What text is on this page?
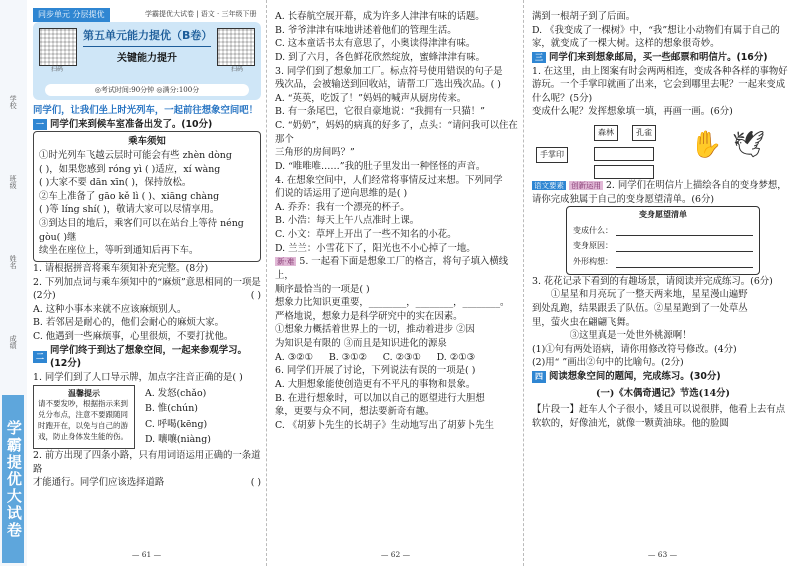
学校
班级
姓名
成绩
学霸提优大试卷
同步单元 分层提优	学霸提优大试卷 | 语文 · 三年级下册
扫码
第五单元能力提优（B卷）
关键能力提升
扫码
◎考试时间:90分钟 ◎满分:100分
同学们，让我们坐上时光列车，一起前往想象空间吧！
一 同学们来到候车室准备出发了。(10分)
乘车须知
①时光列车飞越云层时可能会有些 zhèn dòng
( )，如果您感到 róng yì ( )适应，xí wàng
( )大家不要 dān xīn( )，保持放松。
②车上准备了 gāo kě lì ( )、xiāng chàng
( )等 líng shí( )，敬请大家可以尽情享用。
③到达目的地后，乘客们可以在站台上等待 néng gòu( )继
续坐在座位上，等听到通知后再下车。
1. 请根据拼音将乘车须知补充完整。(8分)
2. 下列加点词与乘车须知中的“麻烦”意思相同的一项是
(2分)	( )
A. 这种小事本来就不应该麻烦别人。
B. 若邻居是耐心的，他们会耐心的麻烦大家。
C. 他遇到一些麻烦事，心里很烦，不要打扰他。
二
同学们终于到达了想象空间，一起来参观学习。(12分)
1. 同学们到了人口导示牌，加点字注音正确的是( )
温馨提示
请不要发吵，根据指示来到兑分布点，注意不要跟随同时跑开在，以免与自己的游戏，防止身体发生能的伤。
A. 发怒(chǎo)
B. 惟(chún)
C. 呼喝(kēng)
D. 嚷嚷(niàng)
2. 前方出现了四条小路，只有用词语运用正确的一条道路
才能通行。同学们应该选择道路	( )
— 61 —
A. 长春航空展开幕，成为许多人津津有味的话题。
B. 爷爷津津有味地讲述着他们的管理生活。
C. 这本童话书太有意思了，小奥读得津津有味。
D. 到了六月，各色鲜花欣然绽放，蜜蜂津津有味。
3. 同学们到了想象加工厂。标点符号使用错误的句子是
残次品，会被输送到回收站，请帮工厂选出残次品。( )
A. “英英，吃饭了！”妈妈的喊声从厨房传来。
B. 有一条尾巴，它很自豪地说：“我拥有一只猫！”
C. “奶奶”，妈妈的病真的好多了，点头：“请问我可以住在那个
三角形的房间吗？”
D. “唯唯唯……”我的肚子里发出一种怪怪的声音。
4. 在想象空间中，人们经常将事情反过来想。下列同学
们说的话运用了逆向思维的是( )
A. 乔乔：我有一个漂亮的杯子。
B. 小浩：每天上午八点准时上课。
C. 小文：草坪上开出了一些不知名的小花。
D. 兰兰：小雪花下了，阳光也不小心掉了一地。
新·难 5. 一起看下面是想象工厂的格言，将句子填入横线上，
顺序最恰当的一项是( )
想象力比知识更重要，________，________，________。
严格地说，想象力是科学研究中的实在因素。
①想象力概括着世界上的一切，推动着进步 ②因
为知识是有限的 ③而且是知识进化的源泉
A. ③②① B. ③①② C. ②③① D. ②①③
6. 同学们开展了讨论，下列说法有误的一项是( )
A. 大胆想象能使创造更有不平凡的事物和景象。
B. 在进行想象时，可以加以自己的愿望进行大胆想
象，更要与众不同，想法要新奇有趣。
C. 《胡萝卜先生的长胡子》生动地写出了胡萝卜先生
— 62 —
满到一根胡子到了后面。
D. 《我变成了一棵树》中，“我”想让小动物们有属于自己的家，就变成了一棵大树。这样的想象很奇妙。
三 同学们来到想象邮局，买一些邮票和明信片。(16分)
1. 在这里，由上图案有时会两两相连，变成各种各样的事物好游玩。一个手掌印就画了出来，它会到哪里去呢？一起来变成什么呢？(5分)
变成什么呢？发挥想象填一填，再画一画。(6分)
手掌印
森林	孔雀 ✋ 🕊
语文要素 创新运用 2. 同学们在明信片上描绘各自的变身梦想，请你完成独属于自己的变身愿望清单。(6分)
变身愿望清单
变成什么：
变身原因：
外形构想：
3. 花花记录下看到的有趣场景，请阅读并完成练习。(6分)
①星星和月亮玩了一整天两来地，星星漫山遍野
到处乱跑，结果跟丢了队伍。②星星跑到了一处草丛
里，萤火虫在翩翩飞舞。
③这里真是一处世外桃源啊！
(1)①句有两处语病，请你用修改符号修改。(4分)
(2)用“ ”画出②句中的比喻句。(2分)
四 阅读想象空间的题闻，完成练习。(30分)
(一)《木偶奇遇记》节选(14分)
【片段一】赶车人个子很小，矮且可以说很胖，他看上去有点软软的，好像油光，就像一颗黄油球。他的脸圆
— 63 —
